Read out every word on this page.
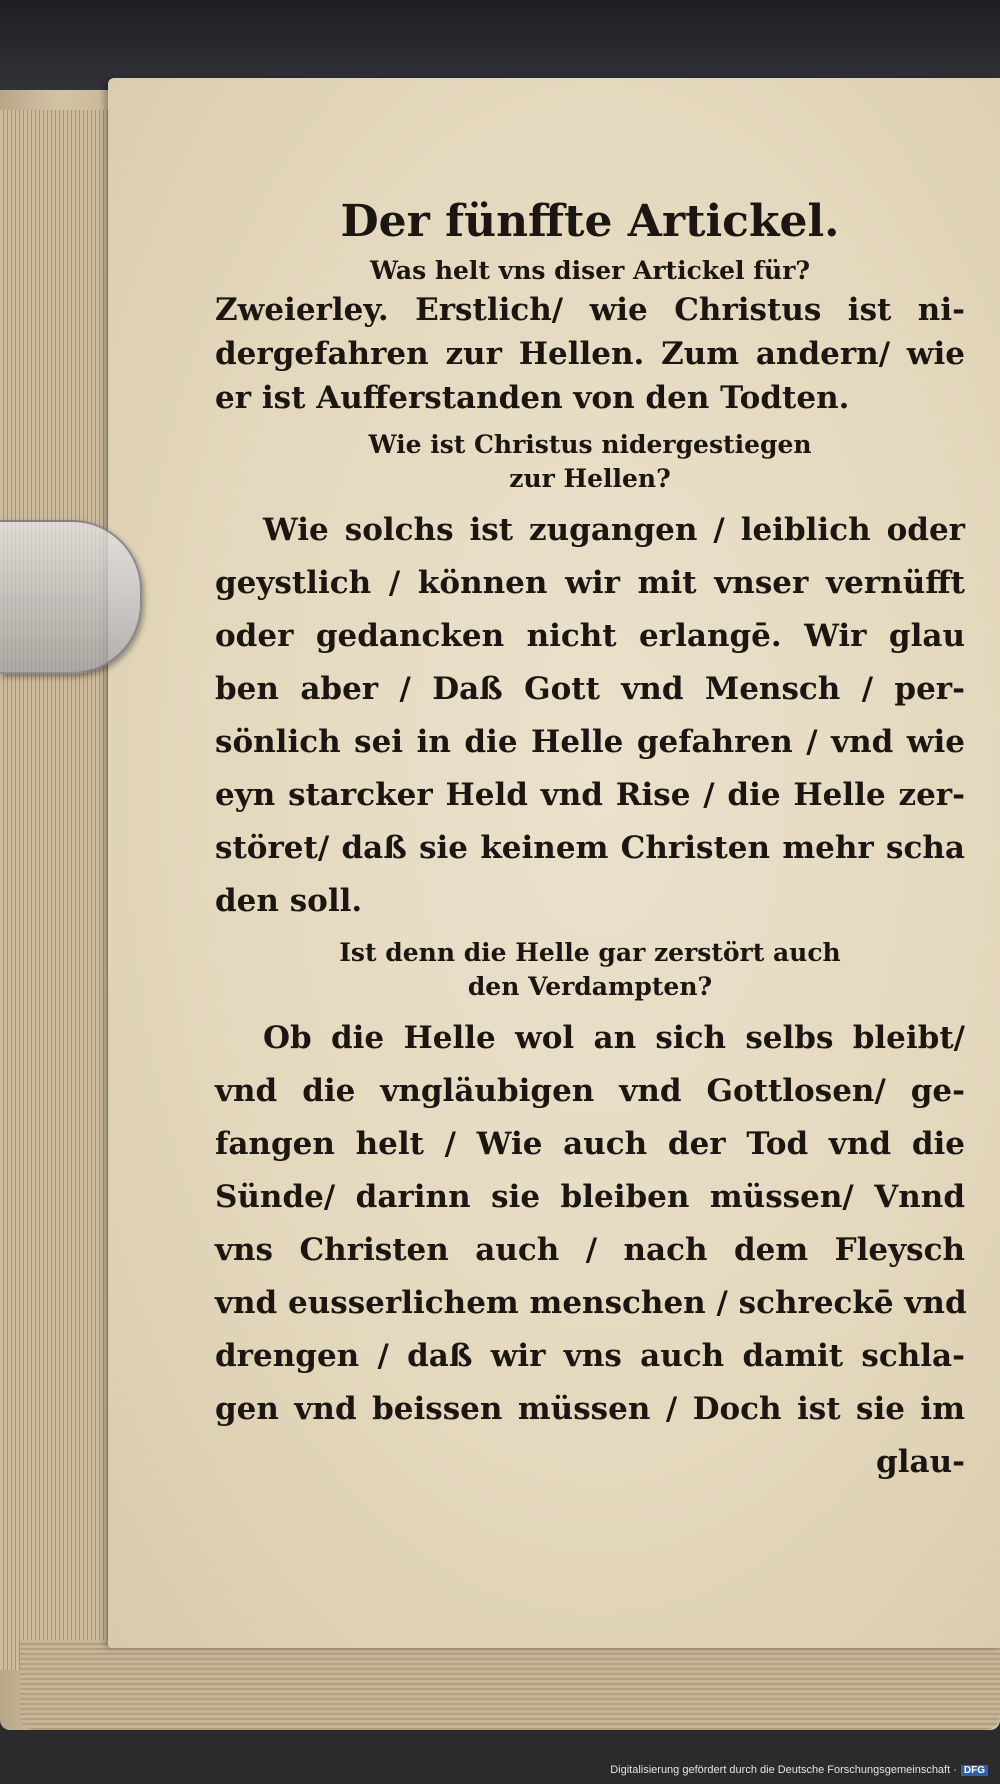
Der fünffte Artickel.

Was helt vns diser Artickel für?

Zweierley. Erstlich/ wie Christus ist ni-

dergefahren zur Hellen. Zum andern/ wie

er ist Aufferstanden von den Todten.

Wie ist Christus nidergestiegen

zur Hellen?

Wie solchs ist zugangen / leiblich oder

geystlich / können wir mit vnser vernüfft

oder gedancken nicht erlangē. Wir glau

ben aber / Daß Gott vnd Mensch / per-

sönlich sei in die Helle gefahren / vnd wie

eyn starcker Held vnd Rise / die Helle zer-

störet/ daß sie keinem Christen mehr scha

den soll.

Ist denn die Helle gar zerstört auch

den Verdampten?

Ob die Helle wol an sich selbs bleibt/

vnd die vngläubigen vnd Gottlosen/ ge-

fangen helt / Wie auch der Tod vnd die

Sünde/ darinn sie bleiben müssen/ Vnnd

vns Christen auch / nach dem Fleysch

vnd eusserlichem menschen / schreckē vnd

drengen / daß wir vns auch damit schla-

gen vnd beissen müssen / Doch ist sie im

glau-

Digitalisierung gefördert durch die Deutsche Forschungsgemeinschaft · DFG
